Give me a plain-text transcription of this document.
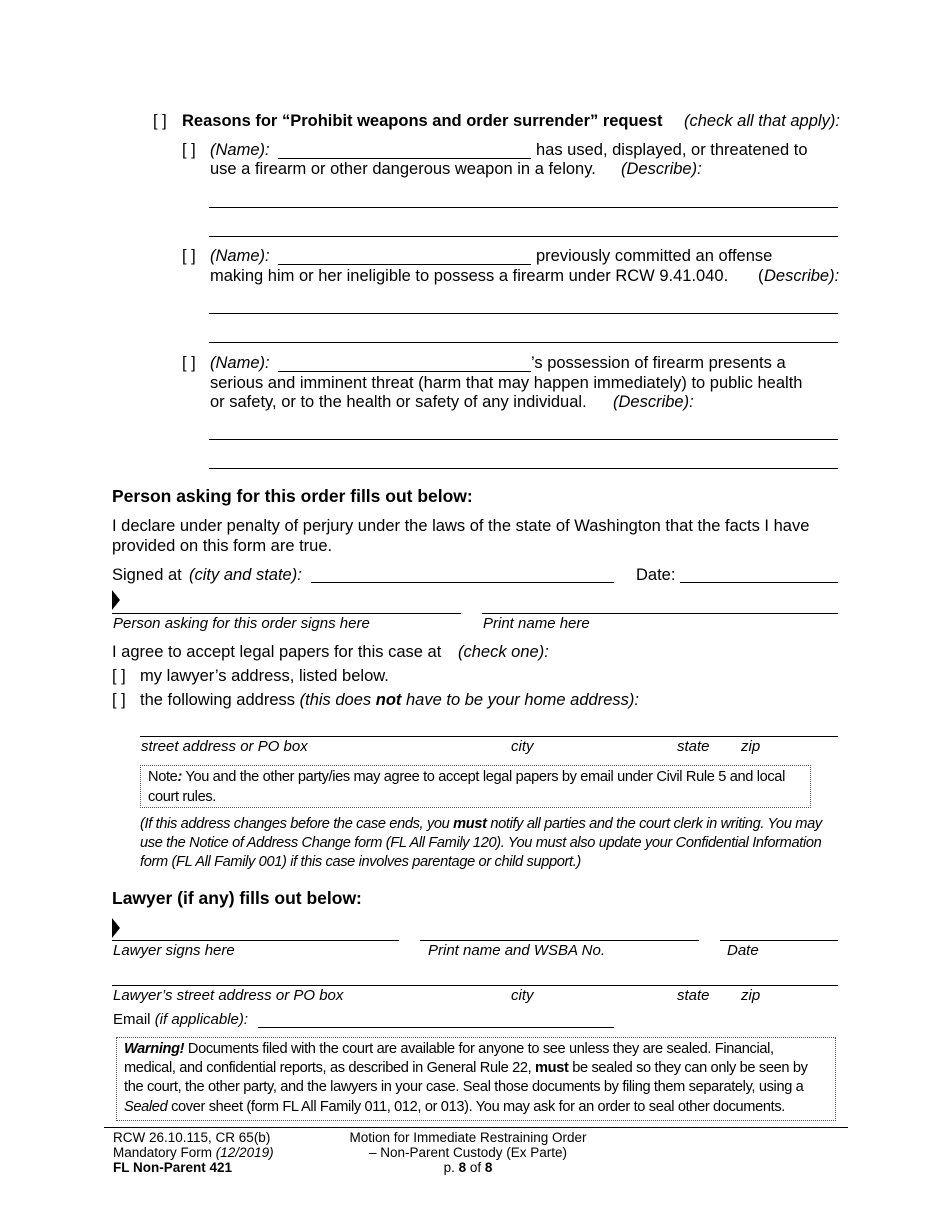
[ ] Reasons for “Prohibit weapons and order surrender” request (check all that apply):
[ ] (Name):	has used, displayed, or threatened to
use a firearm or other dangerous weapon in a felony. (Describe):
[ ] (Name):	previously committed an offense
making him or her ineligible to possess a firearm under RCW 9.41.040. ( Describe):
[ ] (Name):	’s possession of firearm presents a
serious and imminent threat (harm that may happen immediately) to public health
or safety, or to the health or safety of any individual. (Describe):
Person asking for this order fills out below:
I declare under penalty of perjury under the laws of the state of Washington that the facts I have
provided on this form are true.
Signed at (city and state):	Date:
Person asking for this order signs here	Print name here
I agree to accept legal papers for this case at (check one):
[ ] my lawyer’s address, listed below.
[ ] the following address (this does not have to be your home address):
street address or PO box	city	state zip
Note: You and the other party/ies may agree to accept legal papers by email under Civil Rule 5 and local
court rules.
(If this address changes before the case ends, you must notify all parties and the court clerk in writing. You may
use the Notice of Address Change form (FL All Family 120). You must also update your Confidential Information
form (FL All Family 001) if this case involves parentage or child support.)
Lawyer (if any) fills out below:
Lawyer signs here	Print name and WSBA No.	Date
Lawyer’s street address or PO box	city	state zip
Email (if applicable):
Warning! Documents filed with the court are available for anyone to see unless they are sealed. Financial,
medical, and confidential reports, as described in General Rule 22, must be sealed so they can only be seen by
the court, the other party, and the lawyers in your case. Seal those documents by filing them separately, using a
Sealed cover sheet (form FL All Family 011, 012, or 013). You may ask for an order to seal other documents.
RCW 26.10.115, CR 65(b)
Mandatory Form (12/2019)
FL Non-Parent 421
Motion for Immediate Restraining Order
– Non-Parent Custody (Ex Parte)
p. 8 of 8
